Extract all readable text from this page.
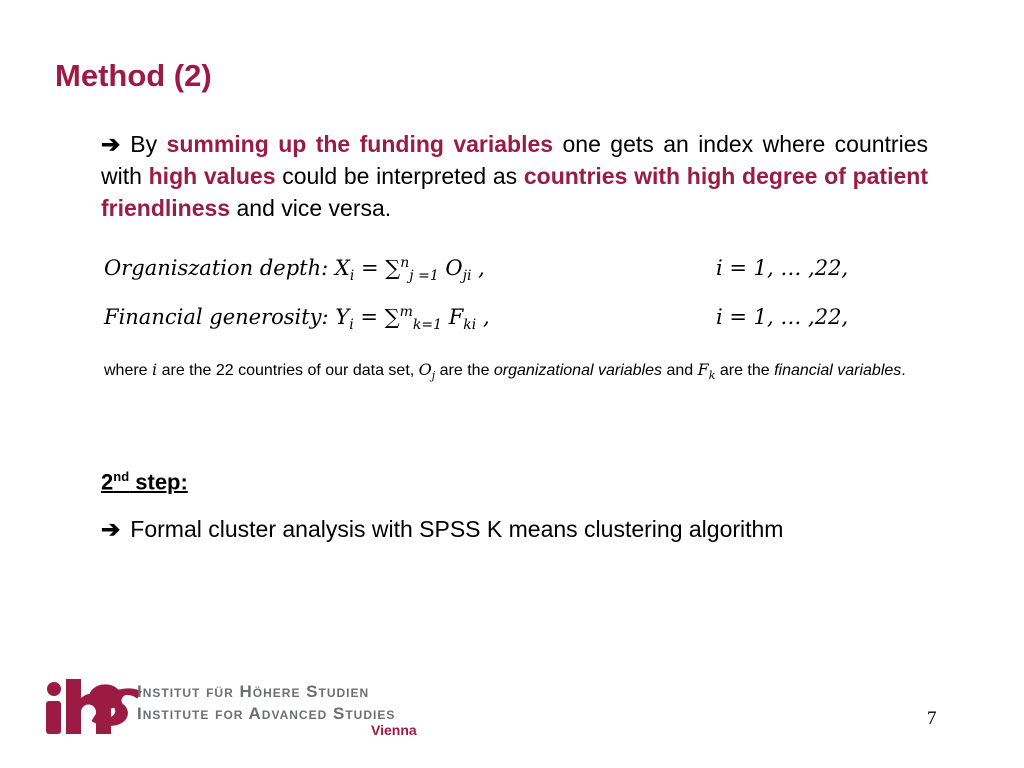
Method (2)
➔ By summing up the funding variables one gets an index where countries with high values could be interpreted as countries with high degree of patient friendliness and vice versa.
Organiszation depth: $X_i = \sum^n_{j =1}$ $O_{ji}$ ,	i = 1, … ,22,
Financial generosity: $Y_i = \sum^m_{k=1}$ $F_{ki}$ ,	i = 1, … ,22,
where i are the 22 countries of our data set, $O_j$ are the organizational variables and $F_k$ are the financial variables.
2nd step:
➔ Formal cluster analysis with SPSS K means clustering algorithm
Institut für Höhere Studien
Institute for Advanced Studies
Vienna
7
